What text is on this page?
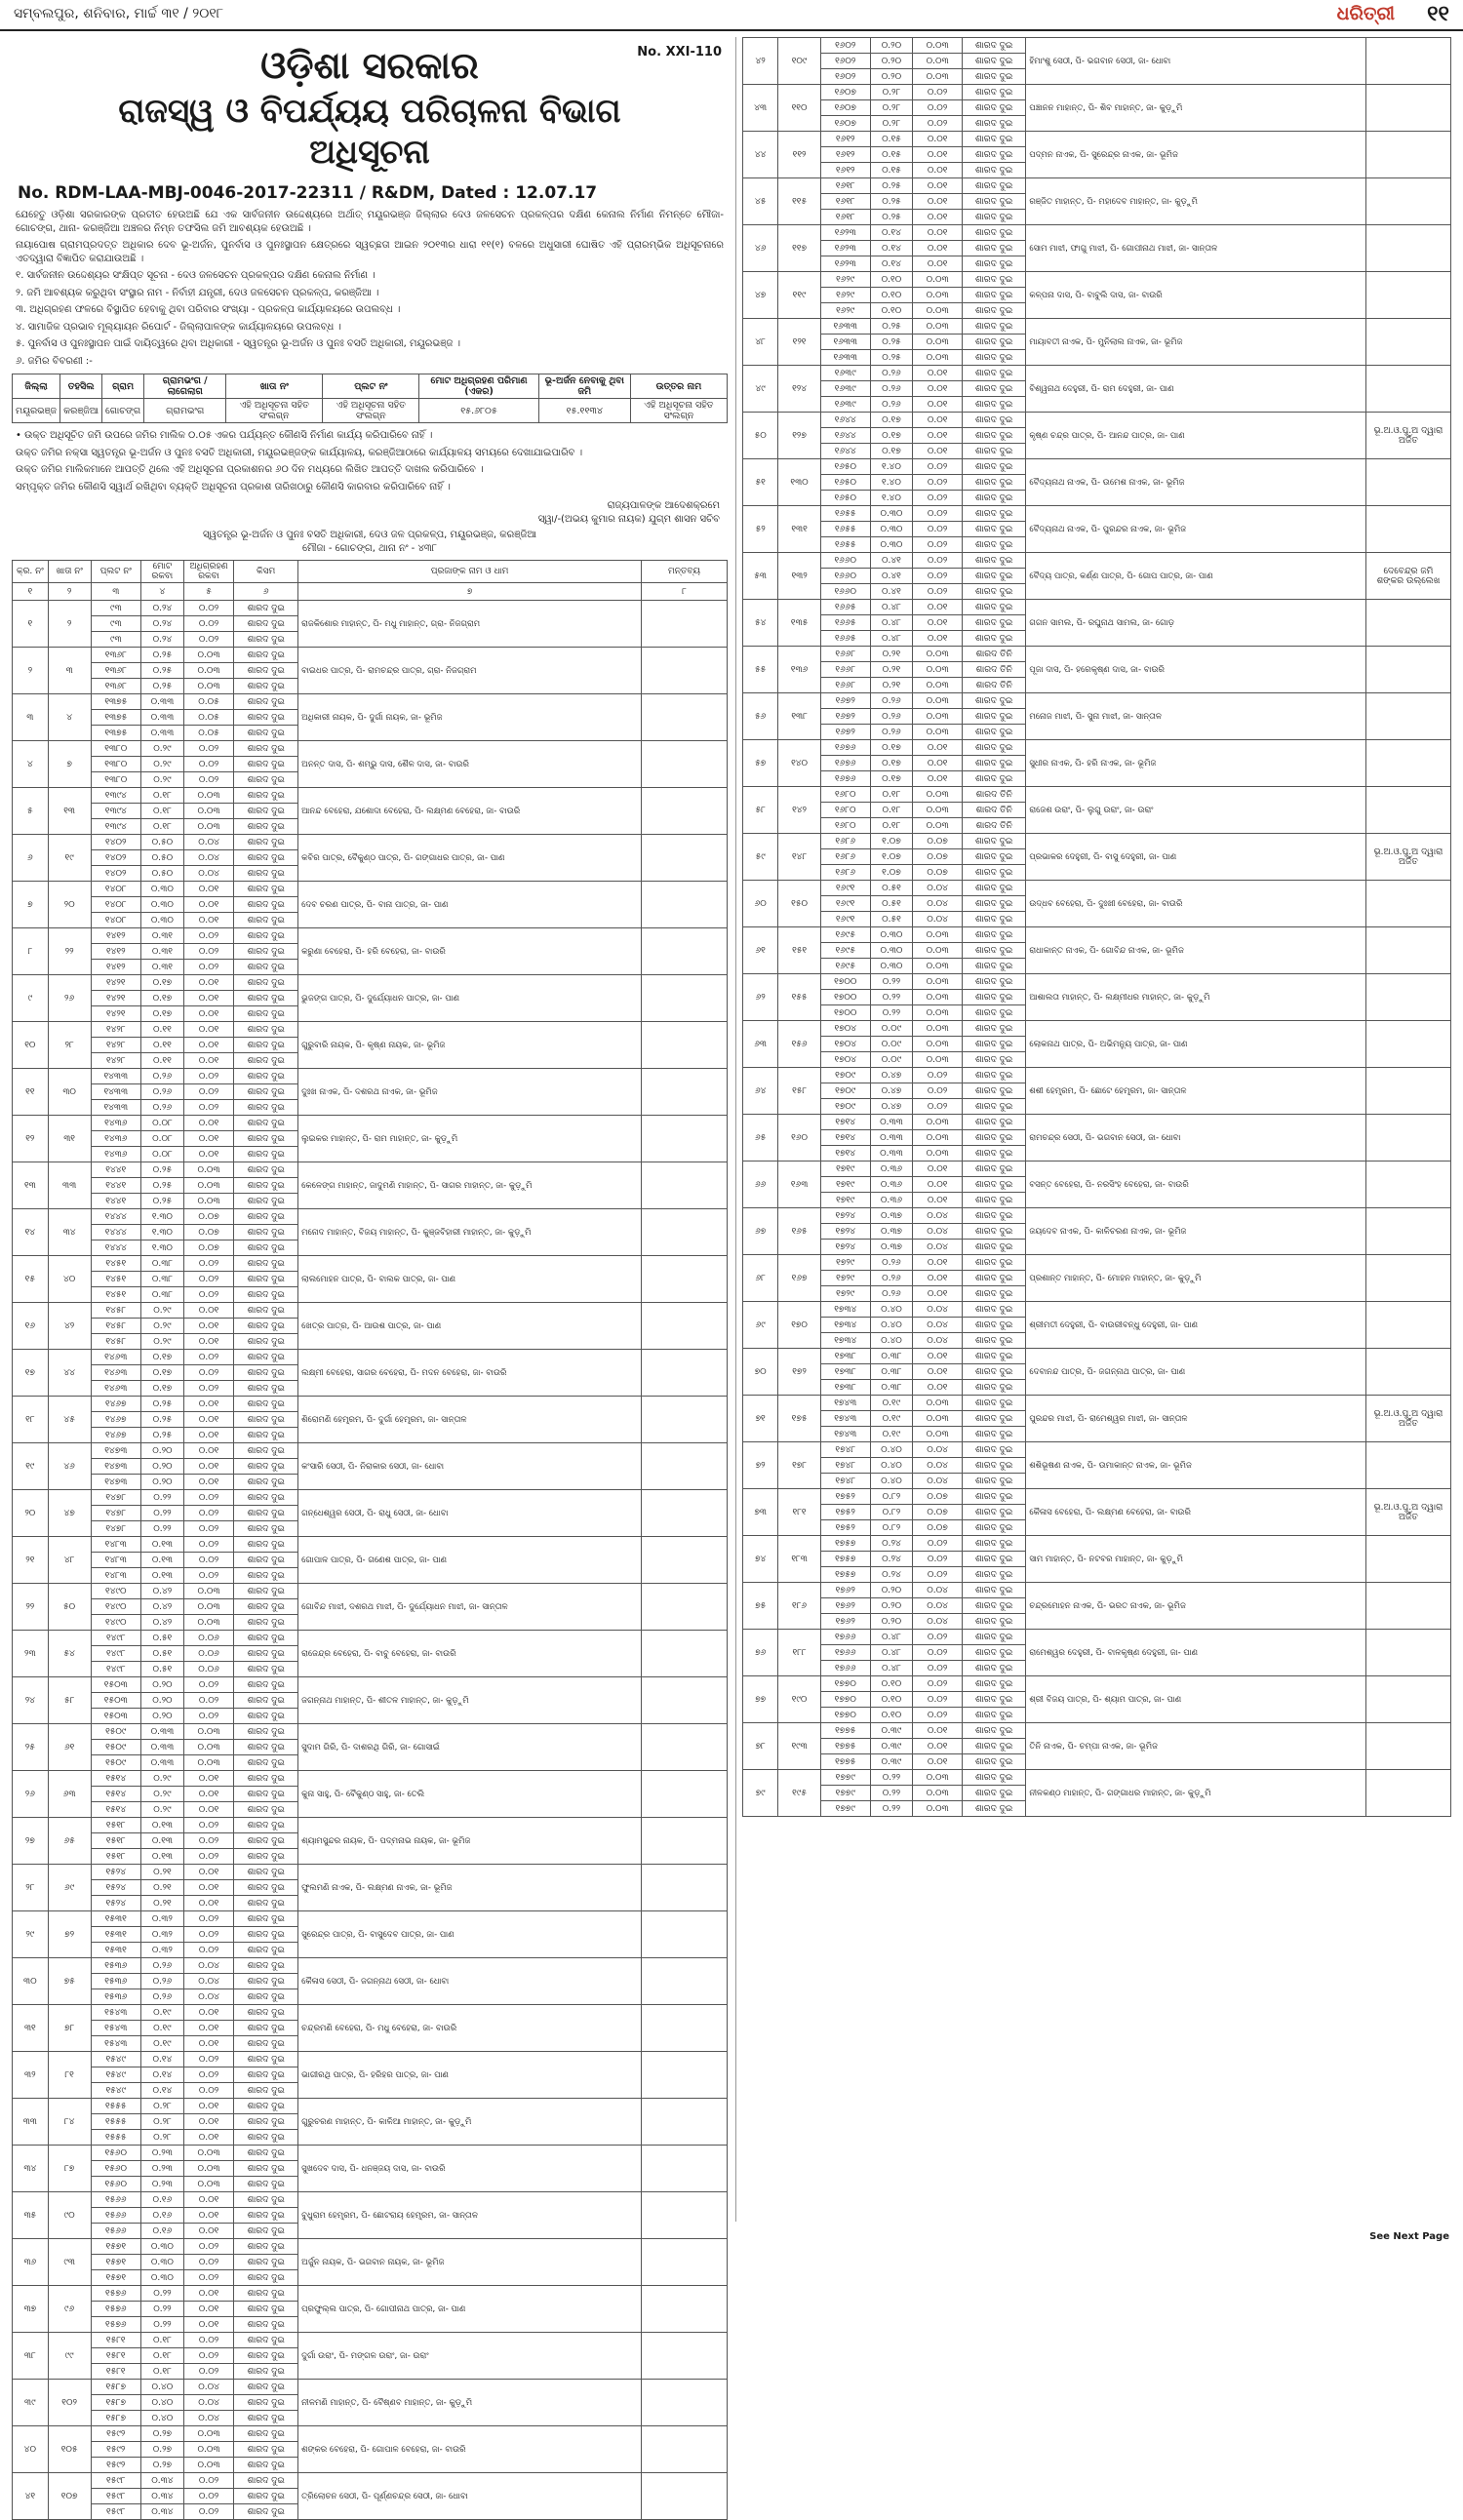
ସମ୍ବଲପୁର, ଶନିବାର, ମାର୍ଚ୍ଚ ୩୧ / ୨୦୧୮	ଧରିତ୍ରୀ ୧୧
No. XXI-110
ଓଡ଼ିଶା ସରକାର
ରାଜସ୍ୱ ଓ ବିପର୍ଯ୍ୟୟ ପରିଚାଳନା ବିଭାଗ
ଅଧିସୂଚନା
No. RDM-LAA-MBJ-0046-2017-22311 / R&DM, Dated : 12.07.17
ଯେହେତୁ ଓଡ଼ିଶା ସରକାରଙ୍କ ପ୍ରତୀତ ହେଉଅଛି ଯେ ଏକ ସାର୍ବଜନୀନ ଉଦ୍ଦେଶ୍ୟରେ ଅର୍ଥାତ୍ ମୟୂରଭଞ୍ଜ ଜିଲ୍ଲାର ଦେଓ ଜଳସେଚନ ପ୍ରକଳ୍ପର ଦକ୍ଷିଣ କେନାଲ ନିର୍ମାଣ ନିମନ୍ତେ ମୌଜା- ଗୋଚଙ୍ଗ, ଥାନା- କରଞ୍ଜିଆ ଅଞ୍ଚଳର ନିମ୍ନ ତଫସିଲ ଜମି ଆବଶ୍ୟକ ହେଉଅଛି ।
ନାୟାପୋଷ ଗ୍ରାମପ୍ରଦତ୍ତ ଅଧିକାର ଦେବ ଭୂ-ଅର୍ଜନ, ପୁନର୍ବାସ ଓ ପୁନଃସ୍ଥାପନ କ୍ଷେତ୍ରରେ ସ୍ୱଚ୍ଛତା ଆଇନ ୨୦୧୩ର ଧାରା ୧୧(୧) ବଳରେ ଅଧୁସାରୀ ଘୋଷିତ ଏହି ପ୍ରାରମ୍ଭିକ ଅଧିସୂଚନାରେ ଏତଦ୍ୱାରା ବିଜ୍ଞାପିତ କରାଯାଉଅଛି ।
୧. ସାର୍ବଜନୀନ ଉଦ୍ଦେଶ୍ୟର ସଂକ୍ଷିପ୍ତ ସୂଚନା - ଦେଓ ଜଳସେଚନ ପ୍ରକଳ୍ପର ଦକ୍ଷିଣ କେନାଲ ନିର୍ମାଣ ।
୨. ଜମି ଆବଶ୍ୟକ କରୁଥିବା ସଂସ୍ଥାର ନାମ - ନିର୍ବାହୀ ଯନ୍ତ୍ରୀ, ଦେଓ ଜଳସେଚନ ପ୍ରକଳ୍ପ, କରଞ୍ଜିଆ ।
୩. ଅଧିଗ୍ରହଣ ଫଳରେ ବିସ୍ଥାପିତ ହେବାକୁ ଥିବା ପରିବାର ସଂଖ୍ୟା - ପ୍ରକଳ୍ପ କାର୍ଯ୍ୟାଳୟରେ ଉପଲବ୍ଧ ।
୪. ସାମାଜିକ ପ୍ରଭାବ ମୂଲ୍ୟାୟନ ରିପୋର୍ଟ - ଜିଲ୍ଲାପାଳଙ୍କ କାର୍ଯ୍ୟାଳୟରେ ଉପଲବ୍ଧ ।
୫. ପୁନର୍ବାସ ଓ ପୁନଃସ୍ଥାପନ ପାଇଁ ଦାୟିତ୍ୱରେ ଥିବା ଅଧିକାରୀ - ସ୍ୱତନ୍ତ୍ର ଭୂ-ଅର୍ଜନ ଓ ପୁନଃ ବସତି ଅଧିକାରୀ, ମୟୂରଭଞ୍ଜ ।
୬. ଜମିର ବିବରଣୀ :-
ଜିଲ୍ଲା	ତହସିଲ	ଗ୍ରାମ	ଗ୍ରାମଭଂଗ / ଲାଗେଲାଗ	ଖାତା ନଂ	ପ୍ଲଟ ନଂ	ମୋଟ ଅଧିଗ୍ରହଣ ପରିମାଣ (ଏକର)	ଭୂ-ଅର୍ଜନ ନେବାକୁ ଥିବା ଜମି	ଉତ୍ତର ନାମ
ମୟୂରଭଞ୍ଜ	କରଞ୍ଜିଆ	ଗୋଚଙ୍ଗ	ଗ୍ରାମଭଂଗ	ଏହି ଅଧିସୂଚନା ସହିତ ସଂଲଗ୍ନ	ଏହି ଅଧିସୂଚନା ସହିତ ସଂଲଗ୍ନ	୧୫.୬୮୦୫	୧୫.୧୧୩୪	ଏହି ଅଧିସୂଚନା ସହିତ ସଂଲଗ୍ନ
• ଉକ୍ତ ଅଧିସୂଚିତ ଜମି ଉପରେ ଜମିର ମାଲିକ ୦.୦୫ ଏକର ପର୍ଯ୍ୟନ୍ତ କୌଣସି ନିର୍ମାଣ କାର୍ଯ୍ୟ କରିପାରିବେ ନାହିଁ ।
ଉକ୍ତ ଜମିର ନକ୍ସା ସ୍ୱତନ୍ତ୍ର ଭୂ-ଅର୍ଜନ ଓ ପୁନଃ ବସତି ଅଧିକାରୀ, ମୟୂରଭଞ୍ଜଙ୍କ କାର୍ଯ୍ୟାଳୟ, କରଞ୍ଜିଆଠାରେ କାର୍ଯ୍ୟାଳୟ ସମୟରେ ଦେଖାଯାଇପାରିବ ।
ଉକ୍ତ ଜମିର ମାଲିକମାନେ ଆପତ୍ତି ଥିଲେ ଏହି ଅଧିସୂଚନା ପ୍ରକାଶନର ୬୦ ଦିନ ମଧ୍ୟରେ ଲିଖିତ ଆପତ୍ତି ଦାଖଲ କରିପାରିବେ ।
ସମ୍ପୃକ୍ତ ଜମିର କୌଣସି ସ୍ୱାର୍ଥ ରଖିଥିବା ବ୍ୟକ୍ତି ଅଧିସୂଚନା ପ୍ରକାଶ ତାରିଖଠାରୁ କୌଣସି କାରବାର କରିପାରିବେ ନାହିଁ ।
ରାଜ୍ୟପାଳଙ୍କ ଆଦେଶକ୍ରମେ
ସ୍ୱା/-(ଅଭୟ କୁମାର ନାୟକ) ଯୁଗ୍ମ ଶାସନ ସଚିବ
ସ୍ୱତନ୍ତ୍ର ଭୂ-ଅର୍ଜନ ଓ ପୁନଃ ବସତି ଅଧିକାରୀ, ଦେଓ ଜଳ ପ୍ରକଳ୍ପ, ମୟୂରଭଞ୍ଜ, କରଞ୍ଜିଆ
ମୌଜା - ଗୋଚଙ୍ଗ, ଥାନା ନଂ - ୪୩୮
କ୍ର. ନଂ	ଖାତା ନଂ	ପ୍ଲଟ ନଂ	ମୋଟ ରକବା	ଅଧିଗ୍ରହଣ ରକବା	କିସମ	ପ୍ରଜାଙ୍କ ନାମ ଓ ଧାମ	ମନ୍ତବ୍ୟ
୧	୨	୩	୪	୫	୬	୭	୮
୧	୨	୯୩	୦.୨୪	୦.୦୨	ଶାରଦ ଦୁଇ	ରାଜକିଶୋର ମାହାନ୍ତ, ପି- ମଧୁ ମାହାନ୍ତ, ଗ୍ରା- ନିଜଗ୍ରାମ	
		୯୩	୦.୨୪	୦.୦୨	ଶାରଦ ଦୁଇ		
		୯୩	୦.୨୪	୦.୦୨	ଶାରଦ ଦୁଇ		
୨	୩	୧୩୬୮	୦.୨୫	୦.୦୩	ଶାରଦ ଦୁଇ	ବାଇଧର ପାତ୍ର, ପି- ରାମଚନ୍ଦ୍ର ପାତ୍ର, ଗ୍ରା- ନିଜଗ୍ରାମ	
		୧୩୬୮	୦.୨୫	୦.୦୩	ଶାରଦ ଦୁଇ		
		୧୩୬୮	୦.୨୫	୦.୦୩	ଶାରଦ ଦୁଇ		
୩	୪	୧୩୭୫	୦.୩୩	୦.୦୫	ଶାରଦ ଦୁଇ	ଅଧିକାରୀ ନାୟକ, ପି- ଦୁର୍ଗା ନାୟକ, ଜା- ଭୂମିଜ	
		୧୩୭୫	୦.୩୩	୦.୦୫	ଶାରଦ ଦୁଇ		
		୧୩୭୫	୦.୩୩	୦.୦୫	ଶାରଦ ଦୁଇ		
୪	୭	୧୩୮୦	୦.୨୯	୦.୦୨	ଶାରଦ ଦୁଇ	ଅନନ୍ତ ଦାସ, ପି- ଶମ୍ଭୁ ଦାସ, ଶୈଳ ଦାସ, ଜା- ବାଉରି	
		୧୩୮୦	୦.୨୯	୦.୦୨	ଶାରଦ ଦୁଇ		
		୧୩୮୦	୦.୨୯	୦.୦୨	ଶାରଦ ଦୁଇ		
୫	୧୩	୧୩୯୪	୦.୧୮	୦.୦୩	ଶାରଦ ଦୁଇ	ଆନନ୍ଦ ବେହେରା, ଯଶୋଦା ବେହେରା, ପି- ଲକ୍ଷ୍ମଣ ବେହେରା, ଜା- ବାଉରି	
		୧୩୯୪	୦.୧୮	୦.୦୩	ଶାରଦ ଦୁଇ		
		୧୩୯୪	୦.୧୮	୦.୦୩	ଶାରଦ ଦୁଇ		
୬	୧୯	୧୪୦୨	୦.୫୦	୦.୦୪	ଶାରଦ ଦୁଇ	କବିର ପାତ୍ର, ବୈକୁଣ୍ଠ ପାତ୍ର, ପି- ଗଙ୍ଗାଧର ପାତ୍ର, ଜା- ପାଣ	
		୧୪୦୨	୦.୫୦	୦.୦୪	ଶାରଦ ଦୁଇ		
		୧୪୦୨	୦.୫୦	୦.୦୪	ଶାରଦ ଦୁଇ		
୭	୨୦	୧୪୦୮	୦.୩୦	୦.୦୧	ଶାରଦ ଦୁଇ	ଦେବ ଚରଣ ପାତ୍ର, ପି- ବାନା ପାତ୍ର, ଜା- ପାଣ	
		୧୪୦୮	୦.୩୦	୦.୦୧	ଶାରଦ ଦୁଇ		
		୧୪୦୮	୦.୩୦	୦.୦୧	ଶାରଦ ଦୁଇ		
୮	୨୨	୧୪୧୨	୦.୩୧	୦.୦୨	ଶାରଦ ଦୁଇ	କରୁଣା ବେହେରା, ପି- ହରି ବେହେରା, ଜା- ବାଉରି	
		୧୪୧୨	୦.୩୧	୦.୦୨	ଶାରଦ ଦୁଇ		
		୧୪୧୨	୦.୩୧	୦.୦୨	ଶାରଦ ଦୁଇ		
୯	୨୬	୧୪୨୧	୦.୧୭	୦.୦୧	ଶାରଦ ଦୁଇ	ଭୁଜଙ୍ଗ ପାତ୍ର, ପି- ଦୁର୍ଯ୍ୟୋଧନ ପାତ୍ର, ଜା- ପାଣ	
		୧୪୨୧	୦.୧୭	୦.୦୧	ଶାରଦ ଦୁଇ		
		୧୪୨୧	୦.୧୭	୦.୦୧	ଶାରଦ ଦୁଇ		
୧୦	୨୮	୧୪୨୮	୦.୧୧	୦.୦୧	ଶାରଦ ଦୁଇ	ଗୁରୁବାରି ନାୟକ, ପି- କୃଷ୍ଣ ନାୟକ, ଜା- ଭୂମିଜ	
		୧୪୨୮	୦.୧୧	୦.୦୧	ଶାରଦ ଦୁଇ		
		୧୪୨୮	୦.୧୧	୦.୦୧	ଶାରଦ ଦୁଇ		
୧୧	୩୦	୧୪୩୩	୦.୨୬	୦.୦୨	ଶାରଦ ଦୁଇ	ଦୁଃଖ ନାଏକ, ପି- ଦଶରଥ ନାଏକ, ଜା- ଭୂମିଜ	
		୧୪୩୩	୦.୨୬	୦.୦୨	ଶାରଦ ଦୁଇ		
		୧୪୩୩	୦.୨୬	୦.୦୨	ଶାରଦ ଦୁଇ		
୧୨	୩୧	୧୪୩୬	୦.୦୮	୦.୦୧	ଶାରଦ ଦୁଇ	ଲୁଇକର ମାହାନ୍ତ, ପି- ରାମ ମାହାନ୍ତ, ଜା- କୁଡ଼ୁମି	
		୧୪୩୬	୦.୦୮	୦.୦୧	ଶାରଦ ଦୁଇ		
		୧୪୩୬	୦.୦୮	୦.୦୧	ଶାରଦ ଦୁଇ		
୧୩	୩୩	୧୪୪୧	୦.୨୫	୦.୦୩	ଶାରଦ ଦୁଇ	କେଳେଙ୍ଗ ମାହାନ୍ତ, ଜାଦୁମଣି ମାହାନ୍ତ, ପି- ସାଗର ମାହାନ୍ତ, ଜା- କୁଡ଼ୁମି	
		୧୪୪୧	୦.୨୫	୦.୦୩	ଶାରଦ ଦୁଇ		
		୧୪୪୧	୦.୨୫	୦.୦୩	ଶାରଦ ଦୁଇ		
୧୪	୩୪	୧୪୪୪	୧.୩୦	୦.୦୭	ଶାରଦ ଦୁଇ	ମନୋଦ ମାହାନ୍ତ, ବିଜୟ ମାହାନ୍ତ, ପି- କୁଞ୍ଜବିହାରୀ ମାହାନ୍ତ, ଜା- କୁଡ଼ୁମି	
		୧୪୪୪	୧.୩୦	୦.୦୭	ଶାରଦ ଦୁଇ		
		୧୪୪୪	୧.୩୦	୦.୦୭	ଶାରଦ ଦୁଇ		
୧୫	୪୦	୧୪୫୧	୦.୩୮	୦.୦୨	ଶାରଦ ଦୁଇ	ଲାଲମୋହନ ପାତ୍ର, ପି- ବାଲକ ପାତ୍ର, ଜା- ପାଣ	
		୧୪୫୧	୦.୩୮	୦.୦୨	ଶାରଦ ଦୁଇ		
		୧୪୫୧	୦.୩୮	୦.୦୨	ଶାରଦ ଦୁଇ		
୧୬	୪୨	୧୪୫୮	୦.୨୯	୦.୦୧	ଶାରଦ ଦୁଇ	ଖେତ୍ର ପାତ୍ର, ପି- ଆଉଶ ପାତ୍ର, ଜା- ପାଣ	
		୧୪୫୮	୦.୨୯	୦.୦୧	ଶାରଦ ଦୁଇ		
		୧୪୫୮	୦.୨୯	୦.୦୧	ଶାରଦ ଦୁଇ		
୧୭	୪୪	୧୪୬୩	୦.୧୭	୦.୦୨	ଶାରଦ ଦୁଇ	ଲକ୍ଷ୍ମୀ ବେହେରା, ସାଗର ବେହେରା, ପି- ମଦନ ବେହେରା, ଜା- ବାଉରି	
		୧୪୬୩	୦.୧୭	୦.୦୨	ଶାରଦ ଦୁଇ		
		୧୪୬୩	୦.୧୭	୦.୦୨	ଶାରଦ ଦୁଇ		
୧୮	୪୫	୧୪୬୭	୦.୨୫	୦.୦୧	ଶାରଦ ଦୁଇ	ଶିରୋମଣି ହେମ୍ବ୍ରମ, ପି- ଦୁର୍ଗା ହେମ୍ବ୍ରମ, ଜା- ସାନ୍ତାଳ	
		୧୪୬୭	୦.୨୫	୦.୦୧	ଶାରଦ ଦୁଇ		
		୧୪୬୭	୦.୨୫	୦.୦୧	ଶାରଦ ଦୁଇ		
୧୯	୪୬	୧୪୭୩	୦.୨୦	୦.୦୧	ଶାରଦ ଦୁଇ	କଂସାରି ସେଠୀ, ପି- ନିରାକାର ସେଠୀ, ଜା- ଧୋବା	
		୧୪୭୩	୦.୨୦	୦.୦୧	ଶାରଦ ଦୁଇ		
		୧୪୭୩	୦.୨୦	୦.୦୧	ଶାରଦ ଦୁଇ		
୨୦	୪୭	୧୪୭୮	୦.୨୨	୦.୦୨	ଶାରଦ ଦୁଇ	ଗନ୍ଧେଶ୍ୱର ସେଠୀ, ପି- ରାଧୁ ସେଠୀ, ଜା- ଧୋବା	
		୧୪୭୮	୦.୨୨	୦.୦୨	ଶାରଦ ଦୁଇ		
		୧୪୭୮	୦.୨୨	୦.୦୨	ଶାରଦ ଦୁଇ		
୨୧	୪୮	୧୪୮୩	୦.୧୩	୦.୦୨	ଶାରଦ ଦୁଇ	ଗୋପାଳ ପାତ୍ର, ପି- ଗଣେଶ ପାତ୍ର, ଜା- ପାଣ	
		୧୪୮୩	୦.୧୩	୦.୦୨	ଶାରଦ ଦୁଇ		
		୧୪୮୩	୦.୧୩	୦.୦୨	ଶାରଦ ଦୁଇ		
୨୨	୫୦	୧୪୯୦	୦.୪୨	୦.୦୩	ଶାରଦ ଦୁଇ	ଗୋବିନ୍ଦ ମାଝୀ, ଦଶରଥ ମାଝୀ, ପି- ଦୁର୍ଯ୍ୟୋଧନ ମାଝୀ, ଜା- ସାନ୍ତାଳ	
		୧୪୯୦	୦.୪୨	୦.୦୩	ଶାରଦ ଦୁଇ		
		୧୪୯୦	୦.୪୨	୦.୦୩	ଶାରଦ ଦୁଇ		
୨୩	୫୪	୧୪୯୮	୦.୫୧	୦.୦୬	ଶାରଦ ଦୁଇ	ରାଜେନ୍ଦ୍ର ବେହେରା, ପି- ବାବୁ ବେହେରା, ଜା- ବାଉରି	
		୧୪୯୮	୦.୫୧	୦.୦୬	ଶାରଦ ଦୁଇ		
		୧୪୯୮	୦.୫୧	୦.୦୬	ଶାରଦ ଦୁଇ		
୨୪	୫୮	୧୫୦୩	୦.୨୦	୦.୦୨	ଶାରଦ ଦୁଇ	ଜଗନ୍ନାଥ ମାହାନ୍ତ, ପି- ଶୀତଳ ମାହାନ୍ତ, ଜା- କୁଡ଼ୁମି	
		୧୫୦୩	୦.୨୦	୦.୦୨	ଶାରଦ ଦୁଇ		
		୧୫୦୩	୦.୨୦	୦.୦୨	ଶାରଦ ଦୁଇ		
୨୫	୬୧	୧୫୦୯	୦.୩୩	୦.୦୩	ଶାରଦ ଦୁଇ	ସୁଦାମ ଗିରି, ପି- ଦାଶରଥି ଗିରି, ଜା- ଗୋସାଇଁ	
		୧୫୦୯	୦.୩୩	୦.୦୩	ଶାରଦ ଦୁଇ		
		୧୫୦୯	୦.୩୩	୦.୦୩	ଶାରଦ ଦୁଇ		
୨୬	୬୩	୧୫୧୪	୦.୨୯	୦.୦୧	ଶାରଦ ଦୁଇ	କୁନା ସାହୁ, ପି- ବୈକୁଣ୍ଠ ସାହୁ, ଜା- ତେଲି	
		୧୫୧୪	୦.୨୯	୦.୦୧	ଶାରଦ ଦୁଇ		
		୧୫୧୪	୦.୨୯	୦.୦୧	ଶାରଦ ଦୁଇ		
୨୭	୬୫	୧୫୧୮	୦.୧୩	୦.୦୨	ଶାରଦ ଦୁଇ	ଶ୍ୟାମସୁନ୍ଦର ନାୟକ, ପି- ପଦ୍ମନାଭ ନାୟକ, ଜା- ଭୂମିଜ	
		୧୫୧୮	୦.୧୩	୦.୦୨	ଶାରଦ ଦୁଇ		
		୧୫୧୮	୦.୧୩	୦.୦୨	ଶାରଦ ଦୁଇ		
୨୮	୬୯	୧୫୨୪	୦.୨୧	୦.୦୧	ଶାରଦ ଦୁଇ	ଫୁଲମଣି ନାଏକ, ପି- ଲକ୍ଷ୍ମଣ ନାଏକ, ଜା- ଭୂମିଜ	
		୧୫୨୪	୦.୨୧	୦.୦୧	ଶାରଦ ଦୁଇ		
		୧୫୨୪	୦.୨୧	୦.୦୧	ଶାରଦ ଦୁଇ		
୨୯	୭୨	୧୫୩୧	୦.୩୨	୦.୦୨	ଶାରଦ ଦୁଇ	ସୁରେନ୍ଦ୍ର ପାତ୍ର, ପି- ବାସୁଦେବ ପାତ୍ର, ଜା- ପାଣ	
		୧୫୩୧	୦.୩୨	୦.୦୨	ଶାରଦ ଦୁଇ		
		୧୫୩୧	୦.୩୨	୦.୦୨	ଶାରଦ ଦୁଇ		
୩୦	୭୫	୧୫୩୬	୦.୨୬	୦.୦୪	ଶାରଦ ଦୁଇ	କୈଳାସ ସେଠୀ, ପି- ଜଗନ୍ନାଥ ସେଠୀ, ଜା- ଧୋବା	
		୧୫୩୬	୦.୨୬	୦.୦୪	ଶାରଦ ଦୁଇ		
		୧୫୩୬	୦.୨୬	୦.୦୪	ଶାରଦ ଦୁଇ		
୩୧	୭୮	୧୫୪୩	୦.୧୯	୦.୦୧	ଶାରଦ ଦୁଇ	ଚନ୍ଦ୍ରମଣି ବେହେରା, ପି- ମଧୁ ବେହେରା, ଜା- ବାଉରି	
		୧୫୪୩	୦.୧୯	୦.୦୧	ଶାରଦ ଦୁଇ		
		୧୫୪୩	୦.୧୯	୦.୦୧	ଶାରଦ ଦୁଇ		
୩୨	୮୧	୧୫୪୯	୦.୧୪	୦.୦୨	ଶାରଦ ଦୁଇ	ଭାଗୀରଥି ପାତ୍ର, ପି- ହରିହର ପାତ୍ର, ଜା- ପାଣ	
		୧୫୪୯	୦.୧୪	୦.୦୨	ଶାରଦ ଦୁଇ		
		୧୫୪୯	୦.୧୪	୦.୦୨	ଶାରଦ ଦୁଇ		
୩୩	୮୪	୧୫୫୫	୦.୨୮	୦.୦୧	ଶାରଦ ଦୁଇ	ଗୁରୁଚରଣ ମାହାନ୍ତ, ପି- କାଳିଆ ମାହାନ୍ତ, ଜା- କୁଡ଼ୁମି	
		୧୫୫୫	୦.୨୮	୦.୦୧	ଶାରଦ ଦୁଇ		
		୧୫୫୫	୦.୨୮	୦.୦୧	ଶାରଦ ଦୁଇ		
୩୪	୮୭	୧୫୬୦	୦.୨୩	୦.୦୩	ଶାରଦ ଦୁଇ	ସୁଖଦେବ ଦାସ, ପି- ଧନଞ୍ଜୟ ଦାସ, ଜା- ବାଉରି	
		୧୫୬୦	୦.୨୩	୦.୦୩	ଶାରଦ ଦୁଇ		
		୧୫୬୦	୦.୨୩	୦.୦୩	ଶାରଦ ଦୁଇ		
୩୫	୯୦	୧୫୬୬	୦.୧୬	୦.୦୧	ଶାରଦ ଦୁଇ	ବୁଧୁରାମ ହେମ୍ବ୍ରମ, ପି- ଛୋଟରାୟ ହେମ୍ବ୍ରମ, ଜା- ସାନ୍ତାଳ	
		୧୫୬୬	୦.୧୬	୦.୦୧	ଶାରଦ ଦୁଇ		
		୧୫୬୬	୦.୧୬	୦.୦୧	ଶାରଦ ଦୁଇ		
୩୬	୯୩	୧୫୭୧	୦.୩୦	୦.୦୨	ଶାରଦ ଦୁଇ	ଅର୍ଜୁନ ନାୟକ, ପି- ଭଗବାନ ନାୟକ, ଜା- ଭୂମିଜ	
		୧୫୭୧	୦.୩୦	୦.୦୨	ଶାରଦ ଦୁଇ		
		୧୫୭୧	୦.୩୦	୦.୦୨	ଶାରଦ ଦୁଇ		
୩୭	୯୬	୧୫୭୬	୦.୨୨	୦.୦୧	ଶାରଦ ଦୁଇ	ପ୍ରଫୁଲ୍ଲ ପାତ୍ର, ପି- ଗୋପୀନାଥ ପାତ୍ର, ଜା- ପାଣ	
		୧୫୭୬	୦.୨୨	୦.୦୧	ଶାରଦ ଦୁଇ		
		୧୫୭୬	୦.୨୨	୦.୦୧	ଶାରଦ ଦୁଇ		
୩୮	୯୯	୧୫୮୧	୦.୧୮	୦.୦୨	ଶାରଦ ଦୁଇ	ଦୁର୍ଗା ଉରାଂ, ପି- ମଙ୍ଗଳ ଉରାଂ, ଜା- ଉରାଂ	
		୧୫୮୧	୦.୧୮	୦.୦୨	ଶାରଦ ଦୁଇ		
		୧୫୮୧	୦.୧୮	୦.୦୨	ଶାରଦ ଦୁଇ		
୩୯	୧୦୨	୧୫୮୭	୦.୪୦	୦.୦୪	ଶାରଦ ଦୁଇ	ନୀଳମଣି ମାହାନ୍ତ, ପି- ବୈଷ୍ଣବ ମାହାନ୍ତ, ଜା- କୁଡ଼ୁମି	
		୧୫୮୭	୦.୪୦	୦.୦୪	ଶାରଦ ଦୁଇ		
		୧୫୮୭	୦.୪୦	୦.୦୪	ଶାରଦ ଦୁଇ		
୪୦	୧୦୫	୧୫୯୨	୦.୨୭	୦.୦୩	ଶାରଦ ଦୁଇ	ଶଙ୍କର ବେହେରା, ପି- ଗୋପାଳ ବେହେରା, ଜା- ବାଉରି	
		୧୫୯୨	୦.୨୭	୦.୦୩	ଶାରଦ ଦୁଇ		
		୧୫୯୨	୦.୨୭	୦.୦୩	ଶାରଦ ଦୁଇ		
୪୧	୧୦୭	୧୫୯୮	୦.୩୪	୦.୦୨	ଶାରଦ ଦୁଇ	ତ୍ରିଲୋଚନ ସେଠୀ, ପି- ପୂର୍ଣ୍ଣଚନ୍ଦ୍ର ସେଠୀ, ଜା- ଧୋବା	
		୧୫୯୮	୦.୩୪	୦.୦୨	ଶାରଦ ଦୁଇ		
		୧୫୯୮	୦.୩୪	୦.୦୨	ଶାରଦ ଦୁଇ		
୪୨	୧୦୯	୧୬୦୨	୦.୨୦	୦.୦୩	ଶାରଦ ଦୁଇ	ହିମାଂଶୁ ସେଠୀ, ପି- ଭଗବାନ ସେଠୀ, ଜା- ଧୋବା	
		୧୬୦୨	୦.୨୦	୦.୦୩	ଶାରଦ ଦୁଇ		
		୧୬୦୨	୦.୨୦	୦.୦୩	ଶାରଦ ଦୁଇ		
୪୩	୧୧୦	୧୬୦୭	୦.୨୮	୦.୦୨	ଶାରଦ ଦୁଇ	ପଞ୍ଚାନନ ମାହାନ୍ତ, ପି- ଶିବ ମାହାନ୍ତ, ଜା- କୁଡ଼ୁମି	
		୧୬୦୭	୦.୨୮	୦.୦୨	ଶାରଦ ଦୁଇ		
		୧୬୦୭	୦.୨୮	୦.୦୨	ଶାରଦ ଦୁଇ		
୪୪	୧୧୨	୧୬୧୨	୦.୧୫	୦.୦୧	ଶାରଦ ଦୁଇ	ପଦ୍ମନ ନାଏକ, ପି- ସୁରେନ୍ଦ୍ର ନାଏକ, ଜା- ଭୂମିଜ	
		୧୬୧୨	୦.୧୫	୦.୦୧	ଶାରଦ ଦୁଇ		
		୧୬୧୨	୦.୧୫	୦.୦୧	ଶାରଦ ଦୁଇ		
୪୫	୧୧୫	୧୬୧୮	୦.୨୫	୦.୦୧	ଶାରଦ ଦୁଇ	ରଞ୍ଜିତ ମାହାନ୍ତ, ପି- ମହାଦେବ ମାହାନ୍ତ, ଜା- କୁଡ଼ୁମି	
		୧୬୧୮	୦.୨୫	୦.୦୧	ଶାରଦ ଦୁଇ		
		୧୬୧୮	୦.୨୫	୦.୦୧	ଶାରଦ ଦୁଇ		
୪୬	୧୧୭	୧୬୨୩	୦.୧୪	୦.୦୧	ଶାରଦ ଦୁଇ	ସୋମ ମାଝୀ, ଫାଗୁ ମାଝୀ, ପି- ଗୋପୀନାଥ ମାଝୀ, ଜା- ସାନ୍ତାଳ	
		୧୬୨୩	୦.୧୪	୦.୦୧	ଶାରଦ ଦୁଇ		
		୧୬୨୩	୦.୧୪	୦.୦୧	ଶାରଦ ଦୁଇ		
୪୭	୧୧୯	୧୬୨୯	୦.୧୦	୦.୦୩	ଶାରଦ ଦୁଇ	କଳ୍ପନା ଦାସ, ପି- ବାବୁଲି ଦାସ, ଜା- ବାଉରି	
		୧୬୨୯	୦.୧୦	୦.୦୩	ଶାରଦ ଦୁଇ		
		୧୬୨୯	୦.୧୦	୦.୦୩	ଶାରଦ ଦୁଇ		
୪୮	୧୨୧	୧୬୩୩	୦.୨୫	୦.୦୩	ଶାରଦ ଦୁଇ	ମାୟାବତୀ ନାଏକ, ପି- ମୁନିଲାଲ ନାଏକ, ଜା- ଭୂମିଜ	
		୧୬୩୩	୦.୨୫	୦.୦୩	ଶାରଦ ଦୁଇ		
		୧୬୩୩	୦.୨୫	୦.୦୩	ଶାରଦ ଦୁଇ		
୪୯	୧୨୪	୧୬୩୯	୦.୨୬	୦.୦୧	ଶାରଦ ଦୁଇ	ବିଶ୍ୱନାଥ ଦେହୁରୀ, ପି- ରାମ ଦେହୁରୀ, ଜା- ପାଣ	
		୧୬୩୯	୦.୨୬	୦.୦୧	ଶାରଦ ଦୁଇ		
		୧୬୩୯	୦.୨୬	୦.୦୧	ଶାରଦ ଦୁଇ		
୫୦	୧୨୭	୧୬୪୪	୦.୧୭	୦.୦୧	ଶାରଦ ଦୁଇ	କୃଷ୍ଣ ଚନ୍ଦ୍ର ପାତ୍ର, ପି- ଆନନ୍ଦ ପାତ୍ର, ଜା- ପାଣ	ଭୂ.ଅ.ଓ.ପୁ.ଅ ଦ୍ୱାରା ଅର୍ଜିତ
		୧୬୪୪	୦.୧୭	୦.୦୧	ଶାରଦ ଦୁଇ		
		୧୬୪୪	୦.୧୭	୦.୦୧	ଶାରଦ ଦୁଇ		
୫୧	୧୩୦	୧୬୫୦	୧.୪୦	୦.୦୨	ଶାରଦ ଦୁଇ	ବୈଦ୍ୟନାଥ ନାଏକ, ପି- ଉମେଶ ନାଏକ, ଜା- ଭୂମିଜ	
		୧୬୫୦	୧.୪୦	୦.୦୨	ଶାରଦ ଦୁଇ		
		୧୬୫୦	୧.୪୦	୦.୦୨	ଶାରଦ ଦୁଇ		
୫୨	୧୩୧	୧୬୫୫	୦.୩୦	୦.୦୨	ଶାରଦ ଦୁଇ	ବୈଦ୍ୟନାଥ ନାଏକ, ପି- ପୁରନ୍ଦର ନାଏକ, ଜା- ଭୂମିଜ	
		୧୬୫୫	୦.୩୦	୦.୦୨	ଶାରଦ ଦୁଇ		
		୧୬୫୫	୦.୩୦	୦.୦୨	ଶାରଦ ଦୁଇ		
୫୩	୧୩୨	୧୬୬୦	୦.୪୧	୦.୦୨	ଶାରଦ ଦୁଇ	ବୈଦ୍ୟ ପାତ୍ର, କର୍ଣ୍ଣ ପାତ୍ର, ପି- ଗୋପ ପାତ୍ର, ଜା- ପାଣ	ଦେବେନ୍ଦ୍ର ଜମି ଶଙ୍କର ଉଲ୍ଲେଖ
		୧୬୬୦	୦.୪୧	୦.୦୨	ଶାରଦ ଦୁଇ		
		୧୬୬୦	୦.୪୧	୦.୦୨	ଶାରଦ ଦୁଇ		
୫୪	୧୩୫	୧୬୬୫	୦.୪୮	୦.୦୧	ଶାରଦ ଦୁଇ	ଗଗନ ସାମଲ, ପି- ରଘୁନାଥ ସାମଲ, ଜା- ଗୋଡ଼	
		୧୬୬୫	୦.୪୮	୦.୦୧	ଶାରଦ ଦୁଇ		
		୧୬୬୫	୦.୪୮	୦.୦୧	ଶାରଦ ଦୁଇ		
୫୫	୧୩୬	୧୬୬୮	୦.୨୧	୦.୦୩	ଶାରଦ ତିନି	ପୂଜା ଦାସ, ପି- ହରେକୃଷ୍ଣ ଦାସ, ଜା- ବାଉରି	
		୧୬୬୮	୦.୨୧	୦.୦୩	ଶାରଦ ତିନି		
		୧୬୬୮	୦.୨୧	୦.୦୩	ଶାରଦ ତିନି		
୫୬	୧୩୮	୧୬୭୨	୦.୨୬	୦.୦୩	ଶାରଦ ଦୁଇ	ମନୋଜ ମାଝୀ, ପି- ସୁନା ମାଝୀ, ଜା- ସାନ୍ତାଳ	
		୧୬୭୨	୦.୨୬	୦.୦୩	ଶାରଦ ଦୁଇ		
		୧୬୭୨	୦.୨୬	୦.୦୩	ଶାରଦ ଦୁଇ		
୫୭	୧୪୦	୧୬୭୬	୦.୧୭	୦.୦୧	ଶାରଦ ଦୁଇ	ସୁଧୀର ନାଏକ, ପି- ହରି ନାଏକ, ଜା- ଭୂମିଜ	
		୧୬୭୬	୦.୧୭	୦.୦୧	ଶାରଦ ଦୁଇ		
		୧୬୭୬	୦.୧୭	୦.୦୧	ଶାରଦ ଦୁଇ		
୫୮	୧୪୨	୧୬୮୦	୦.୧୮	୦.୦୩	ଶାରଦ ତିନି	ରାଜେଶ ଉରାଂ, ପି- ଲୁଗୁ ଉରାଂ, ଜା- ଉରାଂ	
		୧୬୮୦	୦.୧୮	୦.୦୩	ଶାରଦ ତିନି		
		୧୬୮୦	୦.୧୮	୦.୦୩	ଶାରଦ ତିନି		
୫୯	୧୪୮	୧୬୮୬	୧.୦୭	୦.୦୭	ଶାରଦ ଦୁଇ	ପ୍ରଭାକର ଦେହୁରୀ, ପି- ବାସୁ ଦେହୁରୀ, ଜା- ପାଣ	ଭୂ.ଅ.ଓ.ପୁ.ଅ ଦ୍ୱାରା ଅର୍ଜିତ
		୧୬୮୬	୧.୦୭	୦.୦୭	ଶାରଦ ଦୁଇ		
		୧୬୮୬	୧.୦୭	୦.୦୭	ଶାରଦ ଦୁଇ		
୬୦	୧୫୦	୧୬୯୧	୦.୫୧	୦.୦୪	ଶାରଦ ଦୁଇ	ଉଦ୍ଧବ ବେହେରା, ପି- ଦୁଃଖୀ ବେହେରା, ଜା- ବାଉରି	
		୧୬୯୧	୦.୫୧	୦.୦୪	ଶାରଦ ଦୁଇ		
		୧୬୯୧	୦.୫୧	୦.୦୪	ଶାରଦ ଦୁଇ		
୬୧	୧୫୧	୧୬୯୫	୦.୩୦	୦.୦୩	ଶାରଦ ଦୁଇ	ରାଧାକାନ୍ତ ନାଏକ, ପି- ଗୋବିନ୍ଦ ନାଏକ, ଜା- ଭୂମିଜ	
		୧୬୯୫	୦.୩୦	୦.୦୩	ଶାରଦ ଦୁଇ		
		୧୬୯୫	୦.୩୦	୦.୦୩	ଶାରଦ ଦୁଇ		
୬୨	୧୫୫	୧୭୦୦	୦.୨୨	୦.୦୩	ଶାରଦ ଦୁଇ	ଆଶାଲତା ମାହାନ୍ତ, ପି- ଲକ୍ଷ୍ମୀଧର ମାହାନ୍ତ, ଜା- କୁଡ଼ୁମି	
		୧୭୦୦	୦.୨୨	୦.୦୩	ଶାରଦ ଦୁଇ		
		୧୭୦୦	୦.୨୨	୦.୦୩	ଶାରଦ ଦୁଇ		
୬୩	୧୫୬	୧୭୦୪	୦.୦୯	୦.୦୩	ଶାରଦ ଦୁଇ	ଲୋକନାଥ ପାତ୍ର, ପି- ଅଭିମନ୍ୟୁ ପାତ୍ର, ଜା- ପାଣ	
		୧୭୦୪	୦.୦୯	୦.୦୩	ଶାରଦ ଦୁଇ		
		୧୭୦୪	୦.୦୯	୦.୦୩	ଶାରଦ ଦୁଇ		
୬୪	୧୫୮	୧୭୦୯	୦.୪୭	୦.୦୨	ଶାରଦ ଦୁଇ	ଶଶୀ ହେମ୍ବ୍ରମ, ପି- ଛୋଟେ ହେମ୍ବ୍ରମ, ଜା- ସାନ୍ତାଳ	
		୧୭୦୯	୦.୪୭	୦.୦୨	ଶାରଦ ଦୁଇ		
		୧୭୦୯	୦.୪୭	୦.୦୨	ଶାରଦ ଦୁଇ		
୬୫	୧୬୦	୧୭୧୪	୦.୩୩	୦.୦୩	ଶାରଦ ଦୁଇ	ରାମଚନ୍ଦ୍ର ସେଠୀ, ପି- ଭଗବାନ ସେଠୀ, ଜା- ଧୋବା	
		୧୭୧୪	୦.୩୩	୦.୦୩	ଶାରଦ ଦୁଇ		
		୧୭୧୪	୦.୩୩	୦.୦୩	ଶାରଦ ଦୁଇ		
୬୬	୧୬୩	୧୭୧୯	୦.୩୬	୦.୦୧	ଶାରଦ ଦୁଇ	ବସନ୍ତ ବେହେରା, ପି- ନରସିଂହ ବେହେରା, ଜା- ବାଉରି	
		୧୭୧୯	୦.୩୬	୦.୦୧	ଶାରଦ ଦୁଇ		
		୧୭୧୯	୦.୩୬	୦.୦୧	ଶାରଦ ଦୁଇ		
୬୭	୧୬୫	୧୭୨୪	୦.୩୭	୦.୦୪	ଶାରଦ ଦୁଇ	ଜୟଦେବ ନାଏକ, ପି- କାଳିଚରଣ ନାଏକ, ଜା- ଭୂମିଜ	
		୧୭୨୪	୦.୩୭	୦.୦୪	ଶାରଦ ଦୁଇ		
		୧୭୨୪	୦.୩୭	୦.୦୪	ଶାରଦ ଦୁଇ		
୬୮	୧୬୭	୧୭୨୯	୦.୨୬	୦.୦୧	ଶାରଦ ଦୁଇ	ପ୍ରଶାନ୍ତ ମାହାନ୍ତ, ପି- ମୋହନ ମାହାନ୍ତ, ଜା- କୁଡ଼ୁମି	
		୧୭୨୯	୦.୨୬	୦.୦୧	ଶାରଦ ଦୁଇ		
		୧୭୨୯	୦.୨୬	୦.୦୧	ଶାରଦ ଦୁଇ		
୬୯	୧୭୦	୧୭୩୪	୦.୪୦	୦.୦୪	ଶାରଦ ଦୁଇ	ଶ୍ରୀମତୀ ଦେହୁରୀ, ପି- ବାଉରୀବନ୍ଧୁ ଦେହୁରୀ, ଜା- ପାଣ	
		୧୭୩୪	୦.୪୦	୦.୦୪	ଶାରଦ ଦୁଇ		
		୧୭୩୪	୦.୪୦	୦.୦୪	ଶାରଦ ଦୁଇ		
୭୦	୧୭୨	୧୭୩୮	୦.୩୮	୦.୦୧	ଶାରଦ ଦୁଇ	ଦେବାନନ୍ଦ ପାତ୍ର, ପି- ଜଗନ୍ନାଥ ପାତ୍ର, ଜା- ପାଣ	
		୧୭୩୮	୦.୩୮	୦.୦୧	ଶାରଦ ଦୁଇ		
		୧୭୩୮	୦.୩୮	୦.୦୧	ଶାରଦ ଦୁଇ		
୭୧	୧୭୫	୧୭୪୩	୦.୧୯	୦.୦୩	ଶାରଦ ଦୁଇ	ପୁରନ୍ଦର ମାଝୀ, ପି- ରାମେଶ୍ୱର ମାଝୀ, ଜା- ସାନ୍ତାଳ	ଭୂ.ଅ.ଓ.ପୁ.ଅ ଦ୍ୱାରା ଅର୍ଜିତ
		୧୭୪୩	୦.୧୯	୦.୦୩	ଶାରଦ ଦୁଇ		
		୧୭୪୩	୦.୧୯	୦.୦୩	ଶାରଦ ଦୁଇ		
୭୨	୧୭୮	୧୭୪୮	୦.୪୦	୦.୦୪	ଶାରଦ ଦୁଇ	ଶଶିଭୂଷଣ ନାଏକ, ପି- ଉମାକାନ୍ତ ନାଏକ, ଜା- ଭୂମିଜ	
		୧୭୪୮	୦.୪୦	୦.୦୪	ଶାରଦ ଦୁଇ		
		୧୭୪୮	୦.୪୦	୦.୦୪	ଶାରଦ ଦୁଇ		
୭୩	୧୮୧	୧୭୫୨	୦.୮୨	୦.୦୭	ଶାରଦ ଦୁଇ	କୈଳାସ ବେହେରା, ପି- ଲକ୍ଷ୍ମଣ ବେହେରା, ଜା- ବାଉରି	ଭୂ.ଅ.ଓ.ପୁ.ଅ ଦ୍ୱାରା ଅର୍ଜିତ
		୧୭୫୨	୦.୮୨	୦.୦୭	ଶାରଦ ଦୁଇ		
		୧୭୫୨	୦.୮୨	୦.୦୭	ଶାରଦ ଦୁଇ		
୭୪	୧୮୩	୧୭୫୭	୦.୨୪	୦.୦୨	ଶାରଦ ଦୁଇ	ସାମ ମାହାନ୍ତ, ପି- ନଟବର ମାହାନ୍ତ, ଜା- କୁଡ଼ୁମି	
		୧୭୫୭	୦.୨୪	୦.୦୨	ଶାରଦ ଦୁଇ		
		୧୭୫୭	୦.୨୪	୦.୦୨	ଶାରଦ ଦୁଇ		
୭୫	୧୮୬	୧୭୬୨	୦.୨୦	୦.୦୪	ଶାରଦ ଦୁଇ	ଚନ୍ଦ୍ରମୋହନ ନାଏକ, ପି- ଭରତ ନାଏକ, ଜା- ଭୂମିଜ	
		୧୭୬୨	୦.୨୦	୦.୦୪	ଶାରଦ ଦୁଇ		
		୧୭୬୨	୦.୨୦	୦.୦୪	ଶାରଦ ଦୁଇ		
୭୬	୧୮୮	୧୭୬୬	୦.୪୮	୦.୦୨	ଶାରଦ ଦୁଇ	ରାମେଶ୍ୱର ଦେହୁରୀ, ପି- ବାଳକୃଷ୍ଣ ଦେହୁରୀ, ଜା- ପାଣ	
		୧୭୬୬	୦.୪୮	୦.୦୨	ଶାରଦ ଦୁଇ		
		୧୭୬୬	୦.୪୮	୦.୦୨	ଶାରଦ ଦୁଇ		
୭୭	୧୯୦	୧୭୭୦	୦.୧୦	୦.୦୨	ଶାରଦ ଦୁଇ	ଶ୍ରୀ ବିଜୟ ପାତ୍ର, ପି- ଶ୍ୟାମ ପାତ୍ର, ଜା- ପାଣ	
		୧୭୭୦	୦.୧୦	୦.୦୨	ଶାରଦ ଦୁଇ		
		୧୭୭୦	୦.୧୦	୦.୦୨	ଶାରଦ ଦୁଇ		
୭୮	୧୯୩	୧୭୭୫	୦.୩୯	୦.୦୧	ଶାରଦ ଦୁଇ	ତିନି ନାଏକ, ପି- ଚମ୍ପା ନାଏକ, ଜା- ଭୂମିଜ	
		୧୭୭୫	୦.୩୯	୦.୦୧	ଶାରଦ ଦୁଇ		
		୧୭୭୫	୦.୩୯	୦.୦୧	ଶାରଦ ଦୁଇ		
୭୯	୧୯୫	୧୭୭୯	୦.୨୨	୦.୦୩	ଶାରଦ ଦୁଇ	ନୀଳକଣ୍ଠ ମାହାନ୍ତ, ପି- ଗଙ୍ଗାଧର ମାହାନ୍ତ, ଜା- କୁଡ଼ୁମି	
		୧୭୭୯	୦.୨୨	୦.୦୩	ଶାରଦ ଦୁଇ		
		୧୭୭୯	୦.୨୨	୦.୦୩	ଶାରଦ ଦୁଇ		
See Next Page
